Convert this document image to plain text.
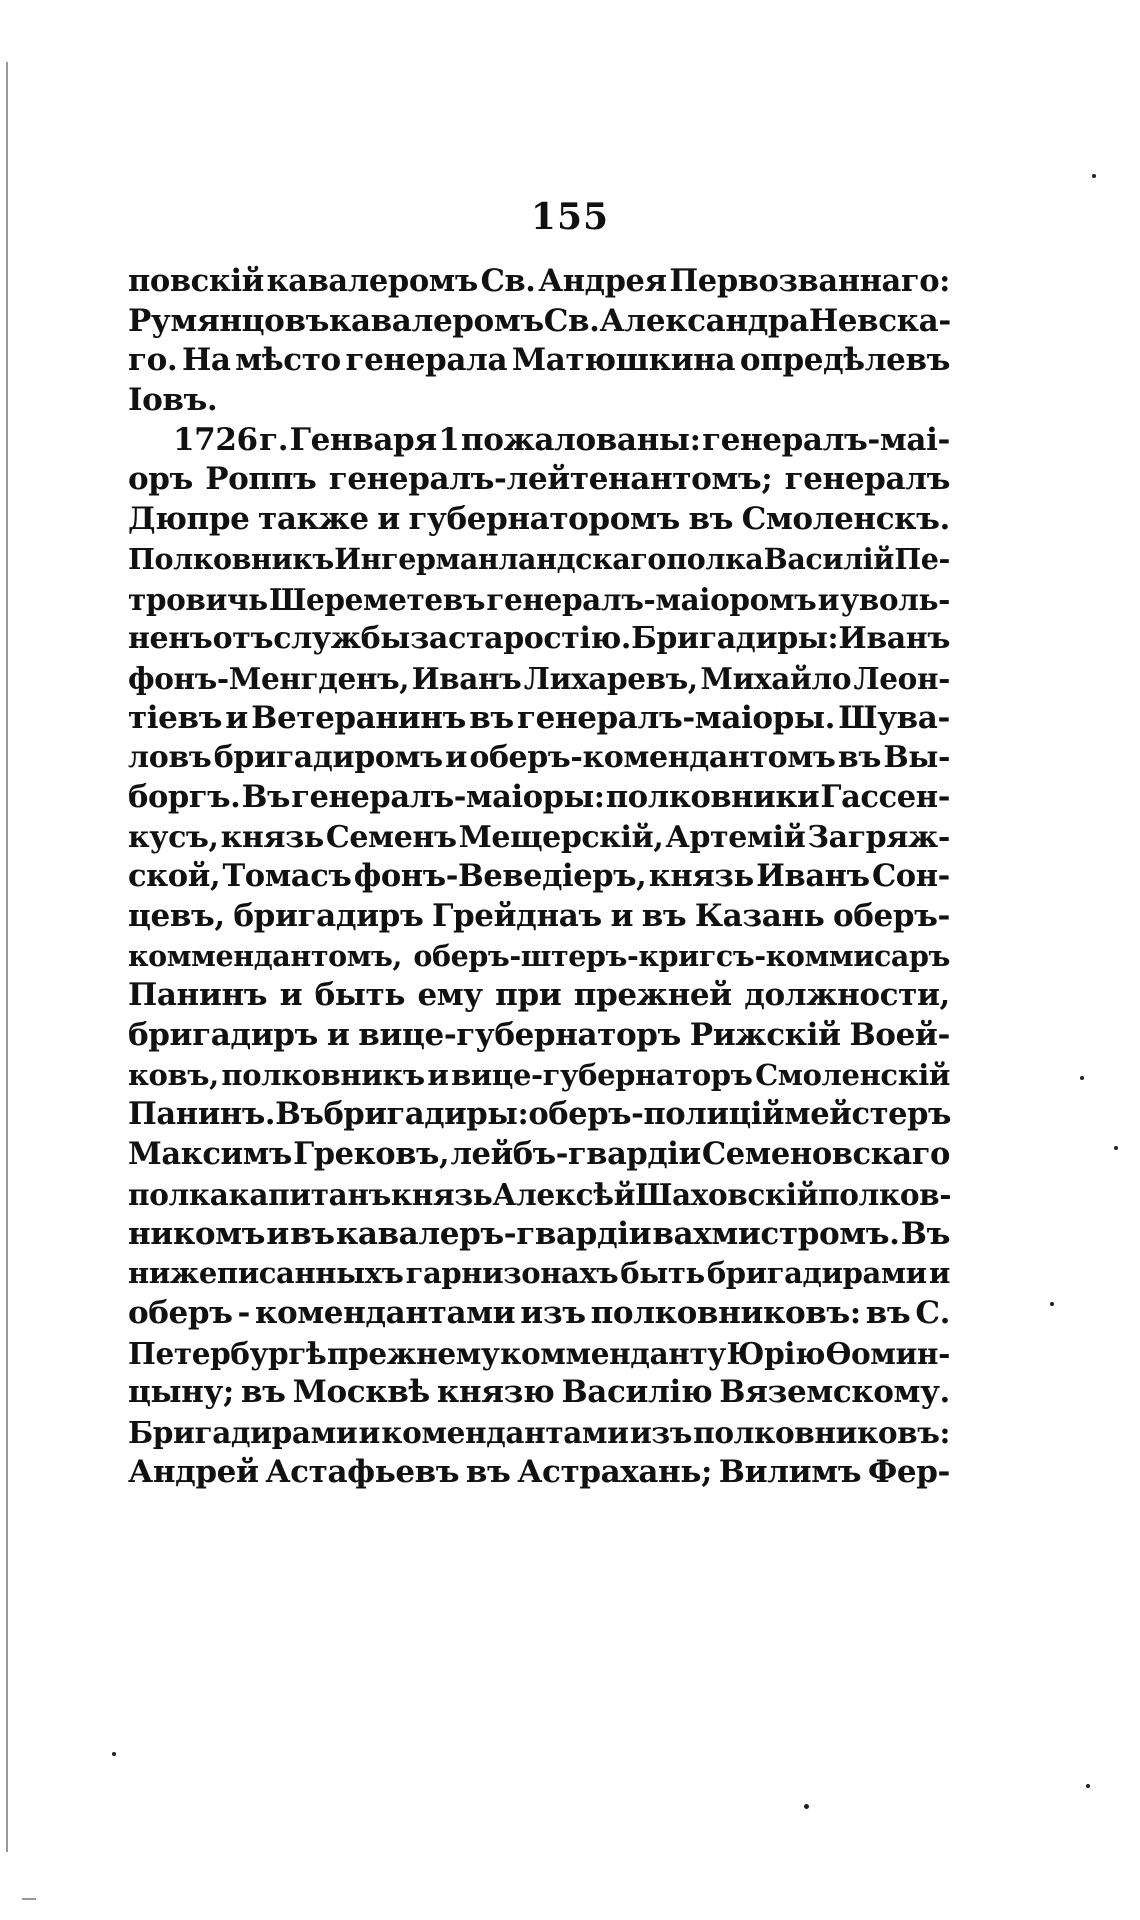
155
повскій кавалеромъ Св. Андрея Первозваннаго:
Румянцовъ кавалеромъ Св. Александра Невска-
го. На мѣсто генерала Матюшкина опредѣлевъ
Іовъ.
1726 г. Генваря 1 пожалованы: генералъ-маі-
оръ Роппъ генералъ-лейтенантомъ; генералъ
Дюпре также и губернаторомъ въ Смоленскъ.
Полковникъ Ингерманландскаго полка Василій Пе-
тровичь Шереметевъ генералъ-маіоромъ и уволь-
ненъ отъ службы за старостію. Бригадиры: Иванъ
фонъ-Менгденъ, Иванъ Лихаревъ, Михайло Леон-
тіевъ и Ветеранинъ въ генералъ-маіоры. Шува-
ловъ бригадиромъ и оберъ-комендантомъ въ Вы-
боргъ. Въ генералъ-маіоры: полковники Гассен-
кусъ, князь Семенъ Мещерскій, Артемій Загряж-
ской, Томасъ фонъ-Веведіеръ, князь Иванъ Сон-
цевъ, бригадиръ Грейднаъ и въ Казань оберъ-
коммендантомъ, оберъ-штеръ-кригсъ-коммисаръ
Панинъ и быть ему при прежней должности,
бригадиръ и вице-губернаторъ Рижскій Воей-
ковъ, полковникъ и вице-губернаторъ Смоленскій
Панинъ. Въ бригадиры: оберъ-полиціймейстеръ
Максимъ Грековъ, лейбъ-гвардіи Семеновскаго
полка капитанъ князь Алексѣй Шаховскій полков-
никомъ и въ кавалеръ-гвардіи вахмистромъ. Въ
нижеписанныхъ гарнизонахъ быть бригадирами и
оберъ - комендантами изъ полковниковъ: въ С.
Петербургѣ прежнему комменданту Юрію Ѳомин-
цыну; въ Москвѣ князю Василію Вяземскому.
Бригадирами и комендантами изъ полковниковъ:
Андрей Астафьевъ въ Астрахань; Вилимъ Фер-
